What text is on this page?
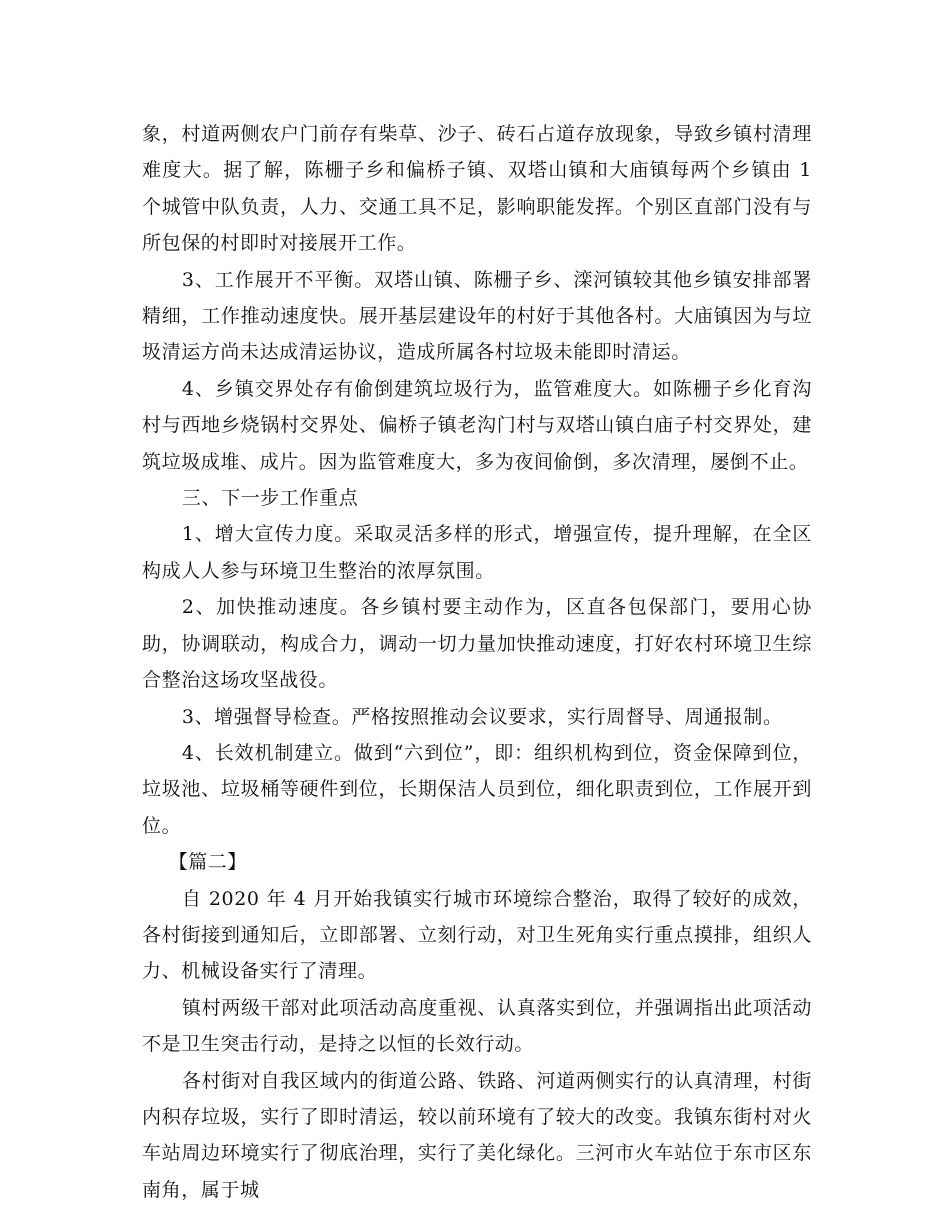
象，村道两侧农户门前存有柴草、沙子、砖石占道存放现象，导致乡镇村清理难度大。据了解，陈栅子乡和偏桥子镇、双塔山镇和大庙镇每两个乡镇由 1 个城管中队负责，人力、交通工具不足，影响职能发挥。个别区直部门没有与所包保的村即时对接展开工作。

3、工作展开不平衡。双塔山镇、陈栅子乡、滦河镇较其他乡镇安排部署精细，工作推动速度快。展开基层建设年的村好于其他各村。大庙镇因为与垃圾清运方尚未达成清运协议，造成所属各村垃圾未能即时清运。

4、乡镇交界处存有偷倒建筑垃圾行为，监管难度大。如陈栅子乡化育沟村与西地乡烧锅村交界处、偏桥子镇老沟门村与双塔山镇白庙子村交界处，建筑垃圾成堆、成片。因为监管难度大，多为夜间偷倒，多次清理，屡倒不止。

三、下一步工作重点

1、增大宣传力度。采取灵活多样的形式，增强宣传，提升理解，在全区构成人人参与环境卫生整治的浓厚氛围。

2、加快推动速度。各乡镇村要主动作为，区直各包保部门，要用心协助，协调联动，构成合力，调动一切力量加快推动速度，打好农村环境卫生综合整治这场攻坚战役。

3、增强督导检查。严格按照推动会议要求，实行周督导、周通报制。

4、长效机制建立。做到“六到位”，即：组织机构到位，资金保障到位，垃圾池、垃圾桶等硬件到位，长期保洁人员到位，细化职责到位，工作展开到位。

【篇二】

自 2020 年 4 月开始我镇实行城市环境综合整治，取得了较好的成效，各村街接到通知后，立即部署、立刻行动，对卫生死角实行重点摸排，组织人力、机械设备实行了清理。

镇村两级干部对此项活动高度重视、认真落实到位，并强调指出此项活动不是卫生突击行动，是持之以恒的长效行动。

各村街对自我区域内的街道公路、铁路、河道两侧实行的认真清理，村街内积存垃圾，实行了即时清运，较以前环境有了较大的改变。我镇东街村对火车站周边环境实行了彻底治理，实行了美化绿化。三河市火车站位于东市区东南角，属于城
